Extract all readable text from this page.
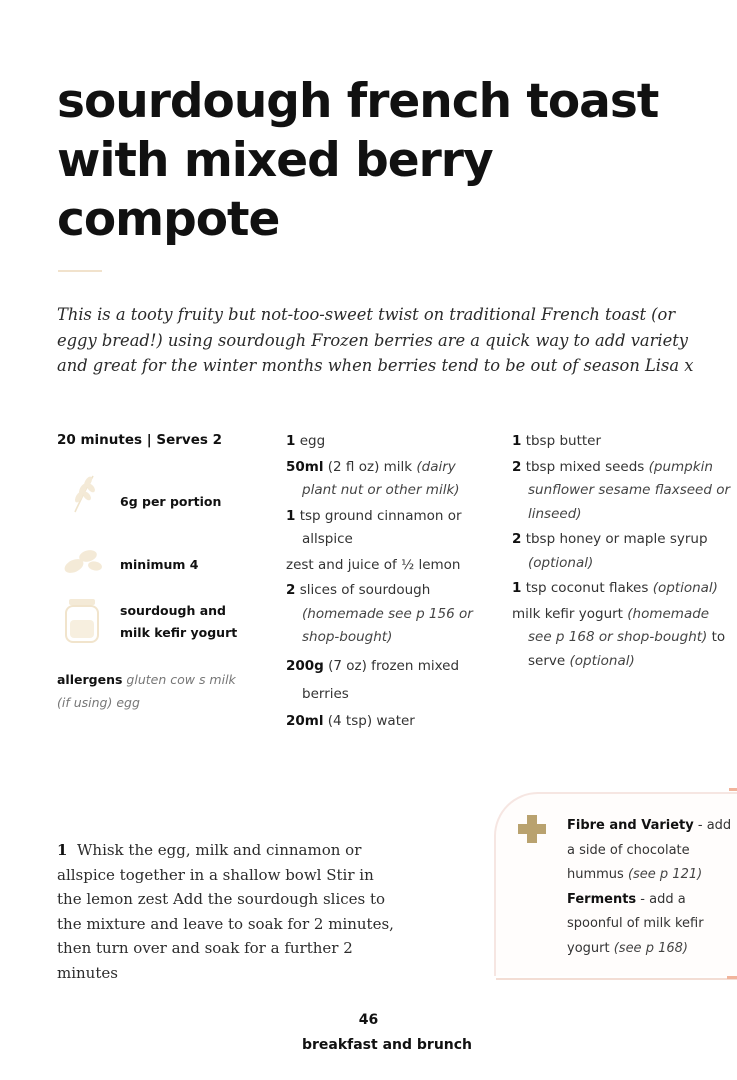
sourdough french toast with mixed berry compote

This is a tooty fruity but not-too-sweet twist on traditional French toast (or eggy bread!) using sourdough Frozen berries are a quick way to add variety and great for the winter months when berries tend to be out of season Lisa x

20 minutes | Serves 2

6g per portion

minimum 4

sourdough and

milk kefir yogurt

allergens gluten cow s milk (if using) egg

1 egg

50ml (2 fl oz) milk (dairy plant nut or other milk)

1 tsp ground cinnamon or allspice

zest and juice of ½ lemon

2 slices of sourdough (homemade see p 156 or shop-bought)

200g (7 oz) frozen mixed berries

20ml (4 tsp) water

1 tbsp butter

2 tbsp mixed seeds (pumpkin sunflower sesame flaxseed or linseed)

2 tbsp honey or maple syrup (optional)

1 tsp coconut flakes (optional)

milk kefir yogurt (homemade see p 168 or shop-bought) to serve (optional)

1 Whisk the egg, milk and cinnamon or allspice together in a shallow bowl Stir in the lemon zest Add the sourdough slices to the mixture and leave to soak for 2 minutes, then turn over and soak for a further 2 minutes

Fibre and Variety - add a side of chocolate hummus (see p 121)
Ferments - add a spoonful of milk kefir yogurt (see p 168)

46

breakfast and brunch
